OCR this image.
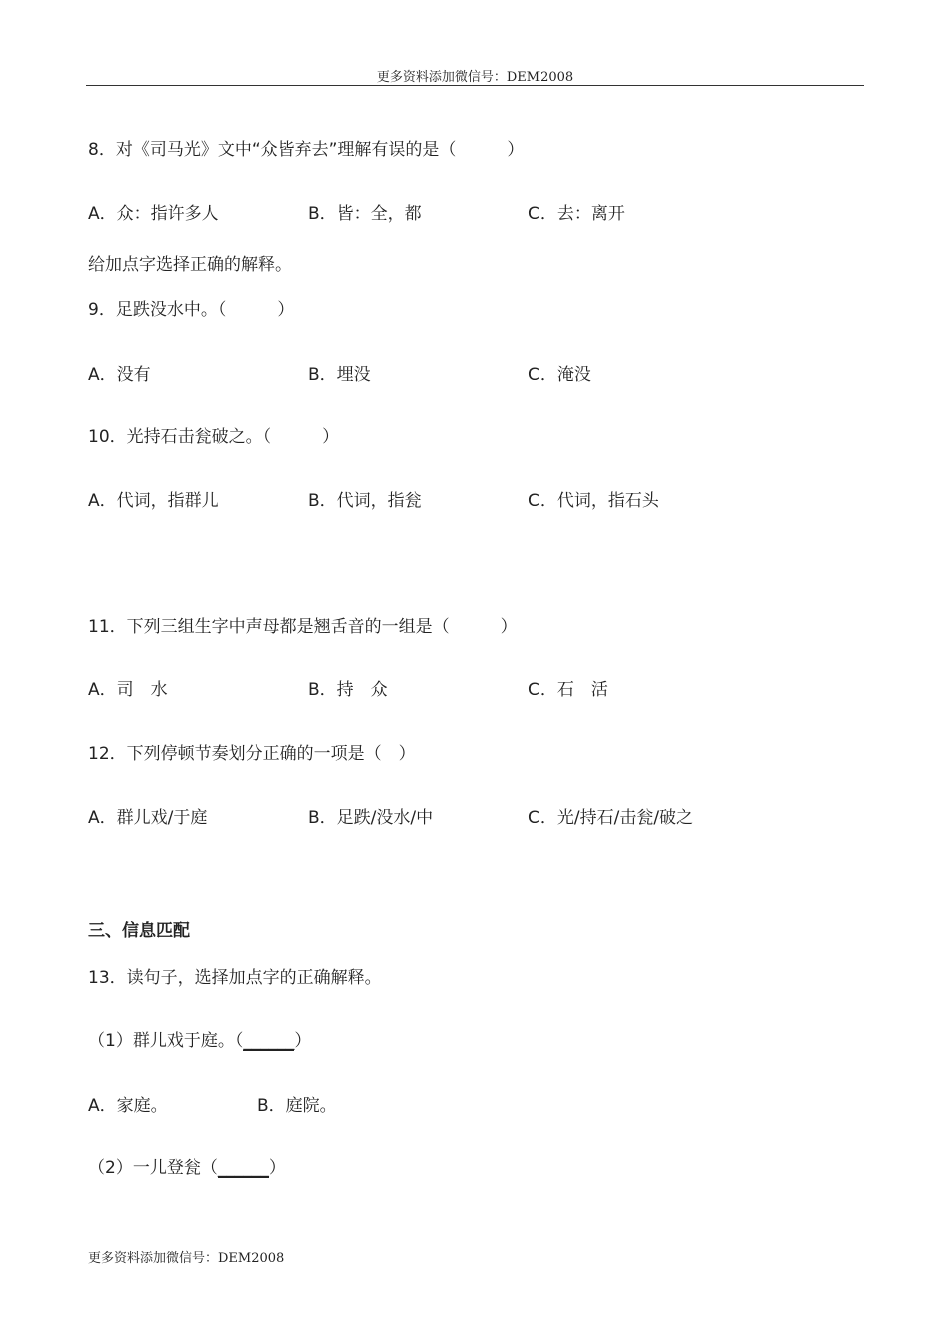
更多资料添加微信号：DEM2008
8．对《司马光》文中“众皆弃去”理解有误的是（　　　）
A．众：指许多人	B．皆：全，都	C．去：离开
给加点字选择正确的解释。
9．足跌没水中。（　　　）
A．没有	B．埋没	C．淹没
10．光持石击瓮破之。（　　　）
A．代词，指群儿	B．代词，指瓮	C．代词，指石头
11．下列三组生字中声母都是翘舌音的一组是（　　　）
A．司　水	B．持　众	C．石　活
12．下列停顿节奏划分正确的一项是（　）
A．群儿戏/于庭	B．足跌/没水/中	C．光/持石/击瓮/破之
三、信息匹配
13．读句子，选择加点字的正确解释。
（1）群儿戏于庭。（______）
A．家庭。	B．庭院。
（2）一儿登瓮（______）
更多资料添加微信号：DEM2008
